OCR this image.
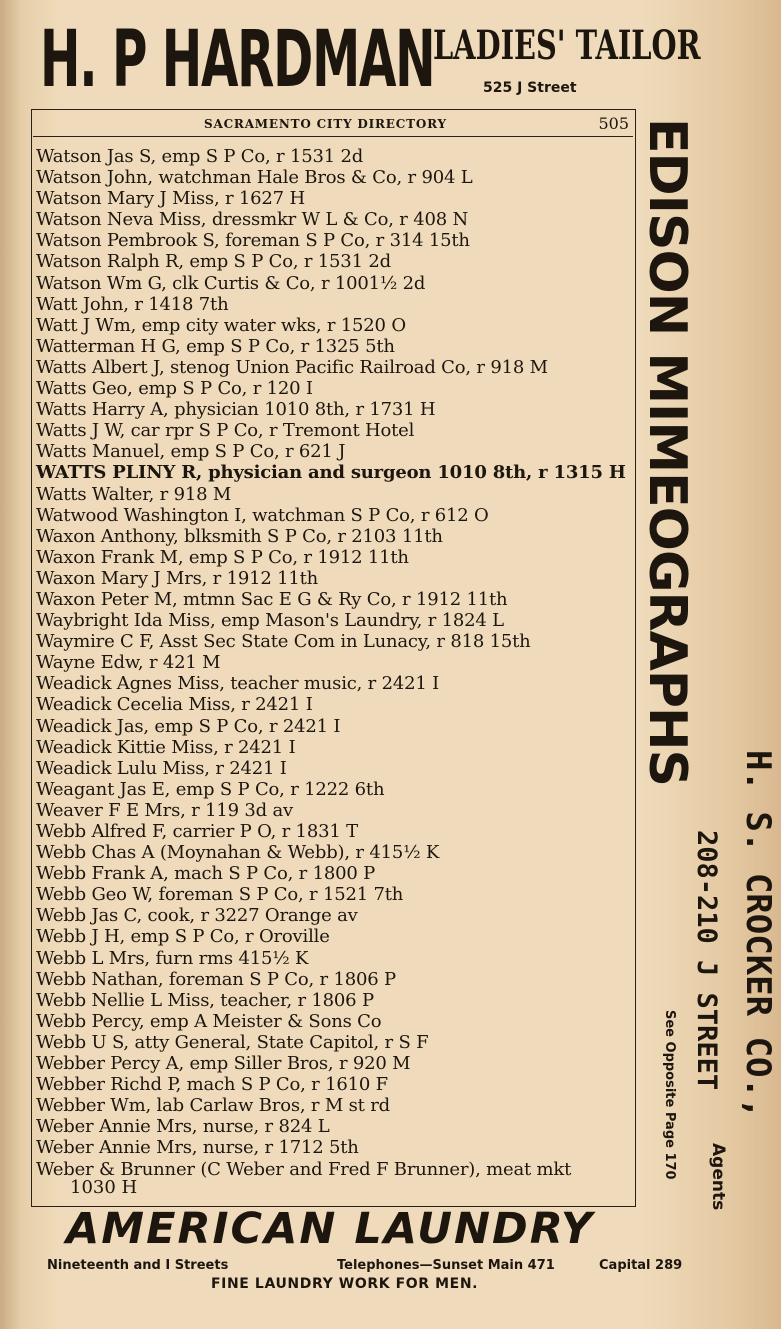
H. P HARDMAN
LADIES' TAILOR
525 J Street
SACRAMENTO CITY DIRECTORY	505
Watson Jas S, emp S P Co, r 1531 2d
Watson John, watchman Hale Bros & Co, r 904 L
Watson Mary J Miss, r 1627 H
Watson Neva Miss, dressmkr W L & Co, r 408 N
Watson Pembrook S, foreman S P Co, r 314 15th
Watson Ralph R, emp S P Co, r 1531 2d
Watson Wm G, clk Curtis & Co, r 1001½ 2d
Watt John, r 1418 7th
Watt J Wm, emp city water wks, r 1520 O
Watterman H G, emp S P Co, r 1325 5th
Watts Albert J, stenog Union Pacific Railroad Co, r 918 M
Watts Geo, emp S P Co, r 120 I
Watts Harry A, physician 1010 8th, r 1731 H
Watts J W, car rpr S P Co, r Tremont Hotel
Watts Manuel, emp S P Co, r 621 J
WATTS PLINY R, physician and surgeon 1010 8th, r 1315 H
Watts Walter, r 918 M
Watwood Washington I, watchman S P Co, r 612 O
Waxon Anthony, blksmith S P Co, r 2103 11th
Waxon Frank M, emp S P Co, r 1912 11th
Waxon Mary J Mrs, r 1912 11th
Waxon Peter M, mtmn Sac E G & Ry Co, r 1912 11th
Waybright Ida Miss, emp Mason's Laundry, r 1824 L
Waymire C F, Asst Sec State Com in Lunacy, r 818 15th
Wayne Edw, r 421 M
Weadick Agnes Miss, teacher music, r 2421 I
Weadick Cecelia Miss, r 2421 I
Weadick Jas, emp S P Co, r 2421 I
Weadick Kittie Miss, r 2421 I
Weadick Lulu Miss, r 2421 I
Weagant Jas E, emp S P Co, r 1222 6th
Weaver F E Mrs, r 119 3d av
Webb Alfred F, carrier P O, r 1831 T
Webb Chas A (Moynahan & Webb), r 415½ K
Webb Frank A, mach S P Co, r 1800 P
Webb Geo W, foreman S P Co, r 1521 7th
Webb Jas C, cook, r 3227 Orange av
Webb J H, emp S P Co, r Oroville
Webb L Mrs, furn rms 415½ K
Webb Nathan, foreman S P Co, r 1806 P
Webb Nellie L Miss, teacher, r 1806 P
Webb Percy, emp A Meister & Sons Co
Webb U S, atty General, State Capitol, r S F
Webber Percy A, emp Siller Bros, r 920 M
Webber Richd P, mach S P Co, r 1610 F
Webber Wm, lab Carlaw Bros, r M st rd
Weber Annie Mrs, nurse, r 824 L
Weber Annie Mrs, nurse, r 1712 5th
Weber & Brunner (C Weber and Fred F Brunner), meat mkt
1030 H
EDISON MIMEOGRAPHS
H. S. CROCKER CO.,
208-210 J STREET
See Opposite Page 170 Agents
AMERICAN LAUNDRY
Nineteenth and I Streets	Telephones—Sunset Main 471	Capital 289
FINE LAUNDRY WORK FOR MEN.
